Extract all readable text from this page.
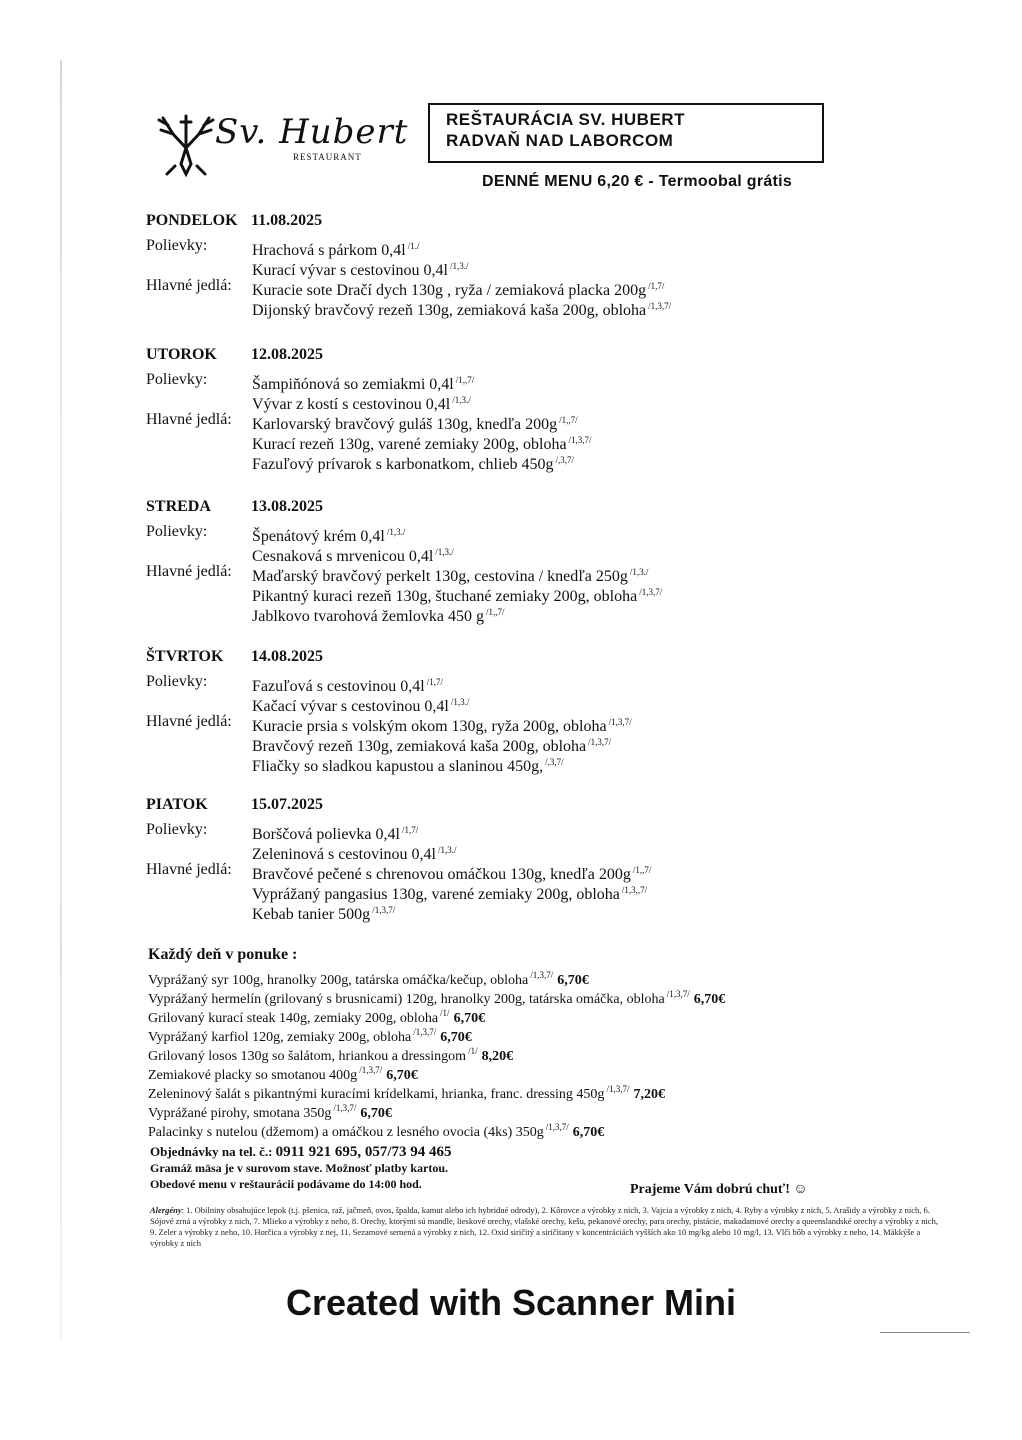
Sv. Hubert
RESTAURANT
REŠTAURÁCIA SV. HUBERT
RADVAŇ NAD LABORCOM
DENNÉ MENU 6,20 € - Termoobal grátis
PONDELOK 11.08.2025
Polievky:	Hrachová s párkom 0,4l $^{/1./}$
Kurací vývar s cestovinou 0,4l $^{/1,3./}$
Hlavné jedlá: Kuracie sote Dračí dych 130g , ryža / zemiaková placka 200g $^{/1,7/}$
Dijonský bravčový rezeň 130g, zemiaková kaša 200g, obloha $^{/1,3,7/}$
UTOROK 12.08.2025
Polievky:	Šampiňónová so zemiakmi 0,4l $^{/1,,7/}$
Vývar z kostí s cestovinou 0,4l $^{/1,3./}$
Hlavné jedlá: Karlovarský bravčový guláš 130g, knedľa 200g $^{/1,,7/}$
Kurací rezeň 130g, varené zemiaky 200g, obloha $^{/1,3,7/}$
Fazuľový prívarok s karbonatkom, chlieb 450g $^{/,3,7/}$
STREDA	13.08.2025
Polievky:	Špenátový krém 0,4l $^{/1,3./}$
Cesnaková s mrvenicou 0,4l $^{/1,3./}$
Hlavné jedlá: Maďarský bravčový perkelt 130g, cestovina / knedľa 250g $^{/1,3./}$
Pikantný kuraci rezeň 130g, štuchané zemiaky 200g, obloha $^{/1,3,7/}$
Jablkovo tvarohová žemlovka 450 g $^{/1,,7/}$
ŠTVRTOK 14.08.2025
Polievky:	Fazuľová s cestovinou 0,4l $^{/1,7/}$
Kačací vývar s cestovinou 0,4l $^{/1,3./}$
Hlavné jedlá: Kuracie prsia s volským okom 130g, ryža 200g, obloha $^{/1,3,7/}$
Bravčový rezeň 130g, zemiaková kaša 200g, obloha $^{/1,3,7/}$
Fliačky so sladkou kapustou a slaninou 450g, $^{/,3,7/}$
PIATOK	15.07.2025
Polievky:	Borščová polievka 0,4l $^{/1,7/}$
Zeleninová s cestovinou 0,4l $^{/1,3./}$
Hlavné jedlá: Bravčové pečené s chrenovou omáčkou 130g, knedľa 200g $^{/1,,7/}$
Vyprážaný pangasius 130g, varené zemiaky 200g, obloha $^{/1,3,,7/}$
Kebab tanier 500g $^{/1,3,7/}$
Každý deň v ponuke :
Vyprážaný syr 100g, hranolky 200g, tatárska omáčka/kečup, obloha $^{/1,3,7/}$ 6,70€
Vyprážaný hermelín (grilovaný s brusnicami) 120g, hranolky 200g, tatárska omáčka, obloha $^{/1,3,7/}$ 6,70€
Grilovaný kurací steak 140g, zemiaky 200g, obloha $^{/1/}$ 6,70€
Vyprážaný karfiol 120g, zemiaky 200g, obloha $^{/1,3,7/}$ 6,70€
Grilovaný losos 130g so šalátom, hriankou a dressingom $^{/1/}$ 8,20€
Zemiakové placky so smotanou 400g $^{/1,3,7/}$ 6,70€
Zeleninový šalát s pikantnými kuracími krídelkami, hrianka, franc. dressing 450g $^{/1,3,7/}$ 7,20€
Vyprážané pirohy, smotana 350g $^{/1,3,7/}$ 6,70€
Palacinky s nutelou (džemom) a omáčkou z lesného ovocia (4ks) 350g $^{/1,3,7/}$ 6,70€
Objednávky na tel. č.: 0911 921 695, 057/73 94 465
Gramáž mäsa je v surovom stave. Možnosť platby kartou.
Obedové menu v reštaurácii podávame do 14:00 hod.	Prajeme Vám dobrú chuť! ☺
Alergény: 1. Obilniny obsahujúce lepok (t.j. pšenica, raž, jačmeň, ovos, špalda, kamut alebo ich hybridné odrody), 2. Kôrovce a výrobky z nich, 3. Vajcia a výrobky z nich, 4. Ryby a výrobky z nich, 5. Arašidy a výrobky z nich, 6. Sójové zrná a výrobky z nich, 7. Mlieko a výrobky z neho, 8. Orechy, ktorými sú mandle, lieskové orechy, vlašské orechy, kešu, pekanové orechy, para orechy, pistácie, makadamové orechy a queenslandské orechy a výrobky z nich, 9. Zeler a výrobky z neho, 10. Horčica a výrobky z nej, 11. Sezamové semená a výrobky z nich, 12. Oxid siričitý a siričitany v koncentráciách vyšších ako 10 mg/kg alebo 10 mg/l, 13. Vlčí bôb a výrobky z neho, 14. Mäkkýše a výrobky z nich
Created with Scanner Mini
